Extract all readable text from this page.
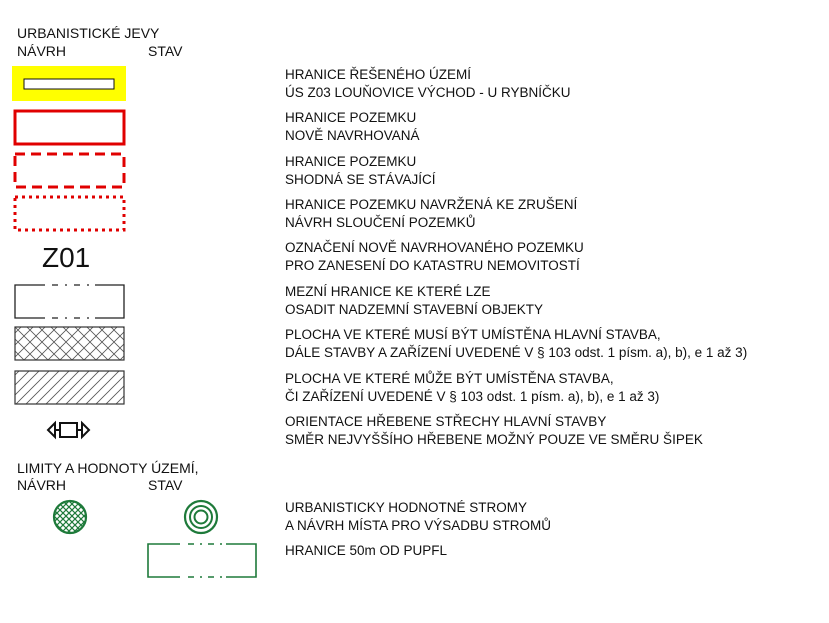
URBANISTICKÉ JEVY
NÁVRH	STAV
Z01
HRANICE ŘEŠENÉHO ÚZEMÍ
ÚS Z03 LOUŇOVICE VÝCHOD - U RYBNÍČKU
HRANICE POZEMKU
NOVĚ NAVRHOVANÁ
HRANICE POZEMKU
SHODNÁ SE STÁVAJÍCÍ
HRANICE POZEMKU NAVRŽENÁ KE ZRUŠENÍ
NÁVRH SLOUČENÍ POZEMKŮ
OZNAČENÍ NOVĚ NAVRHOVANÉHO POZEMKU
PRO ZANESENÍ DO KATASTRU NEMOVITOSTÍ
MEZNÍ HRANICE KE KTERÉ LZE
OSADIT NADZEMNÍ STAVEBNÍ OBJEKTY
PLOCHA VE KTERÉ MUSÍ BÝT UMÍSTĚNA HLAVNÍ STAVBA,
DÁLE STAVBY A ZAŘÍZENÍ UVEDENÉ V § 103 odst. 1 písm. a), b), e 1 až 3)
PLOCHA VE KTERÉ MŮŽE BÝT UMÍSTĚNA STAVBA,
ČI ZAŘÍZENÍ UVEDENÉ V § 103 odst. 1 písm. a), b), e 1 až 3)
ORIENTACE HŘEBENE STŘECHY HLAVNÍ STAVBY
SMĚR NEJVYŠŠÍHO HŘEBENE MOŽNÝ POUZE VE SMĚRU ŠIPEK
LIMITY A HODNOTY ÚZEMÍ,
NÁVRH	STAV
URBANISTICKY HODNOTNÉ STROMY
A NÁVRH MÍSTA PRO VÝSADBU STROMŮ
HRANICE 50m OD PUPFL
